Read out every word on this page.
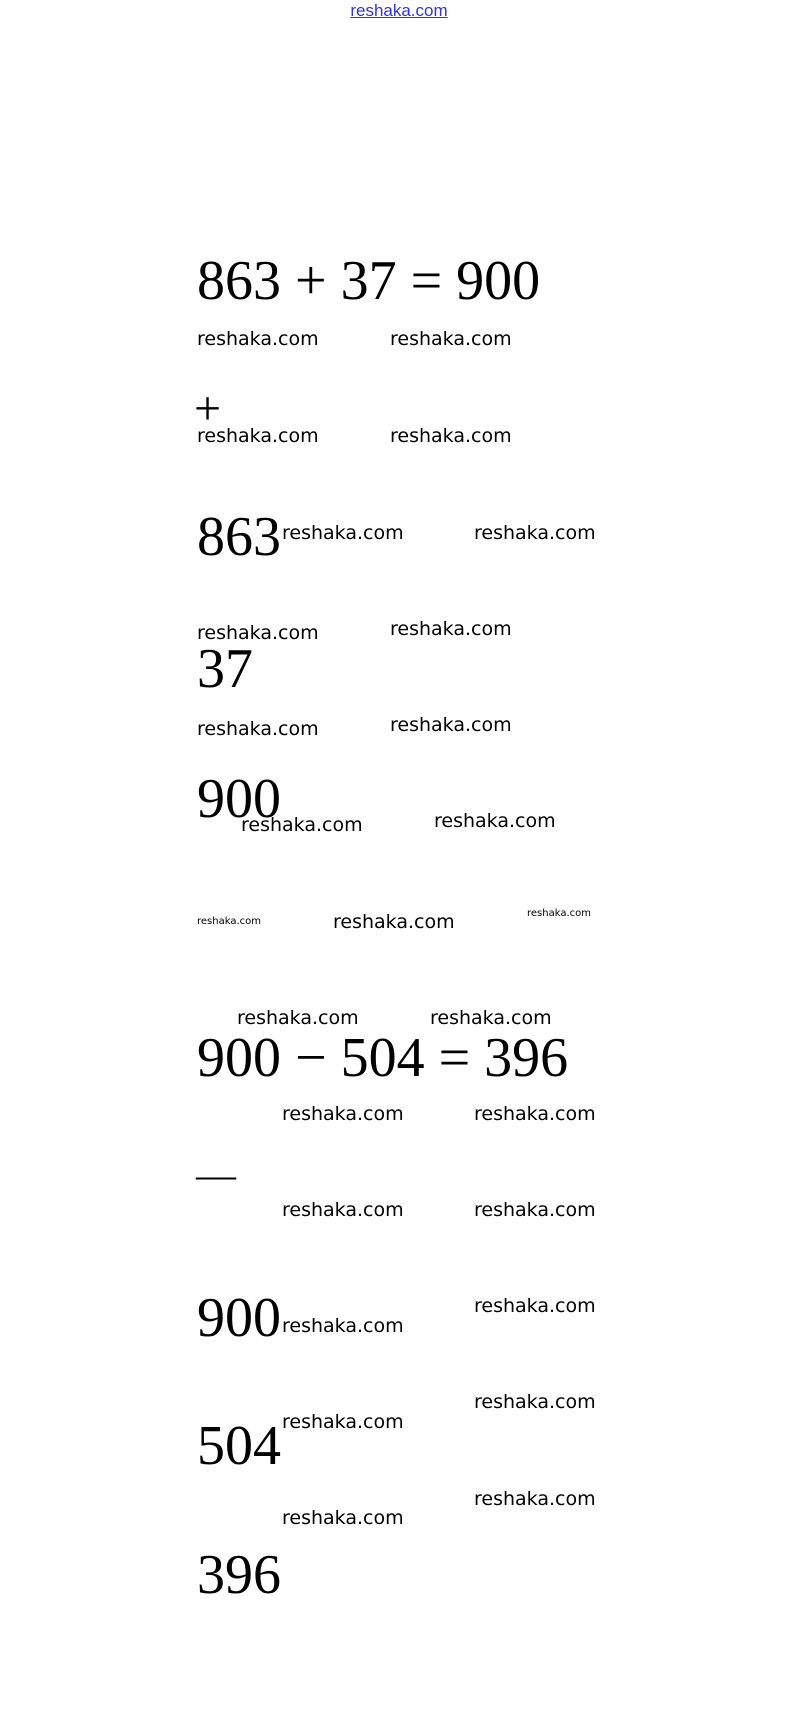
reshaka.com
863 + 37 = 900
+
863
37
900
900 − 504 = 396
—
900
504
396
reshaka.com	reshaka.com
reshaka.com	reshaka.com
reshaka.com	reshaka.com
reshaka.com	reshaka.com
reshaka.com	reshaka.com
reshaka.com	reshaka.com
reshaka.com	reshaka.com	reshaka.com
reshaka.com	reshaka.com
reshaka.com	reshaka.com
reshaka.com	reshaka.com
reshaka.com
reshaka.com
reshaka.com
reshaka.com
reshaka.com
reshaka.com
